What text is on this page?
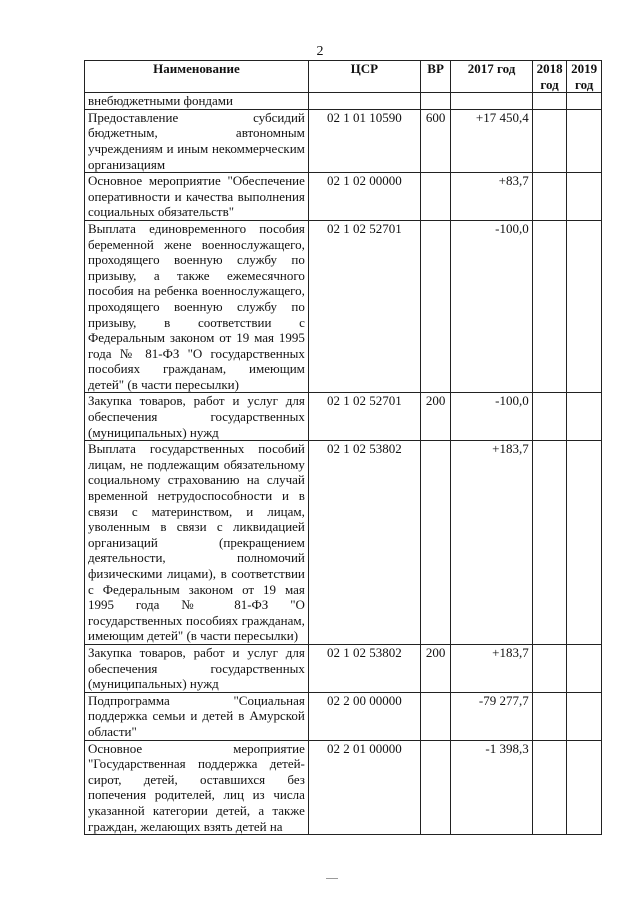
2
Наименование	ЦСР	ВР	2017 год	2018 год	2019 год
внебюджетными фондами					
Предоставление субсидий бюджетным, автономным учреждениям и иным некоммерческим организациям	02 1 01 10590	600	+17 450,4		
Основное мероприятие "Обеспечение оперативности и качества выполнения социальных обязательств"	02 1 02 00000		+83,7		
Выплата единовременного пособия беременной жене военнослужащего, проходящего военную службу по призыву, а также ежемесячного пособия на ребенка военнослужащего, проходящего военную службу по призыву, в соответствии с Федеральным законом от 19 мая 1995 года № 81-ФЗ "О государственных пособиях гражданам, имеющим детей" (в части пересылки)	02 1 02 52701		-100,0		
Закупка товаров, работ и услуг для обеспечения государственных (муниципальных) нужд	02 1 02 52701	200	-100,0		
Выплата государственных пособий лицам, не подлежащим обязательному социальному страхованию на случай временной нетрудоспособности и в связи с материнством, и лицам, уволенным в связи с ликвидацией организаций (прекращением деятельности, полномочий физическими лицами), в соответствии с Федеральным законом от 19 мая 1995 года № 81-ФЗ "О государственных пособиях гражданам, имеющим детей" (в части пересылки)	02 1 02 53802		+183,7		
Закупка товаров, работ и услуг для обеспечения государственных (муниципальных) нужд	02 1 02 53802	200	+183,7		
Подпрограмма "Социальная поддержка семьи и детей в Амурской области"	02 2 00 00000		-79 277,7		
Основное мероприятие "Государственная поддержка детей-сирот, детей, оставшихся без попечения родителей, лиц из числа указанной категории детей, а также граждан, желающих взять детей на	02 2 01 00000		-1 398,3		
